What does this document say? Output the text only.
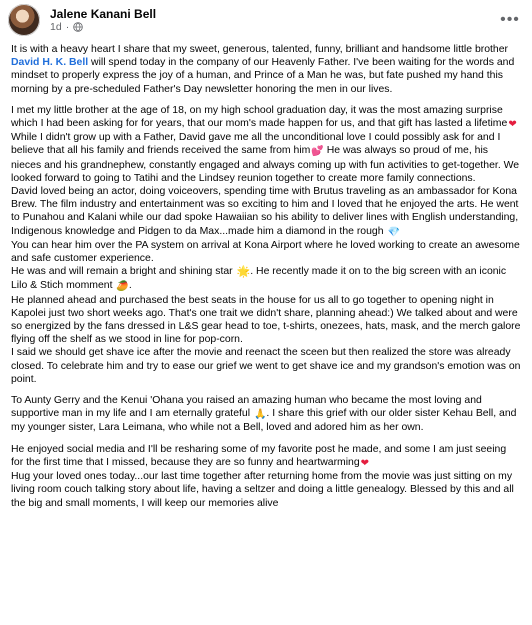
Jalene Kanani Bell
1d ·	•••

It is with a heavy heart I share that my sweet, generous, talented, funny, brilliant and handsome little brother David H. K. Bell will spend today in the company of our Heavenly Father. I've been waiting for the words and mindset to properly express the joy of a human, and Prince of a Man he was, but fate pushed my hand this morning by a pre-scheduled Father's Day newsletter honoring the men in our lives.

I met my little brother at the age of 18, on my high school graduation day, it was the most amazing surprise which I had been asking for for years, that our mom's made happen for us, and that gift has lasted a lifetime❤
While I didn't grow up with a Father, David gave me all the unconditional love I could possibly ask for and I believe that all his family and friends received the same from him💕 He was always so proud of me, his nieces and his grandnephew, constantly engaged and always coming up with fun activities to get-together. We looked forward to going to Tatihi and the Lindsey reunion together to create more family connections.
David loved being an actor, doing voiceovers, spending time with Brutus traveling as an ambassador for Kona Brew. The film industry and entertainment was so exciting to him and I loved that he enjoyed the arts. He went to Punahou and Kalani while our dad spoke Hawaiian so his ability to deliver lines with English understanding, Indigenous knowledge and Pidgen to da Max...made him a diamond in the rough 💎
You can hear him over the PA system on arrival at Kona Airport where he loved working to create an awesome and safe customer experience.
He was and will remain a bright and shining star 🌟. He recently made it on to the big screen with an iconic Lilo & Stich momment 🥭.
He planned ahead and purchased the best seats in the house for us all to go together to opening night in Kapolei just two short weeks ago. That's one trait we didn't share, planning ahead:) We talked about and were so energized by the fans dressed in L&S gear head to toe, t-shirts, onezees, hats, mask, and the merch galore flying off the shelf as we stood in line for pop-corn.
I said we should get shave ice after the movie and reenact the sceen but then realized the store was already closed. To celebrate him and try to ease our grief we went to get shave ice and my grandson's emotion was on point.

To Aunty Gerry and the Kenui 'Ohana you raised an amazing human who became the most loving and supportive man in my life and I am eternally grateful 🙏. I share this grief with our older sister Kehau Bell, and my younger sister, Lara Leimana, who while not a Bell, loved and adored him as her own.

He enjoyed social media and I'll be resharing some of my favorite post he made, and some I am just seeing for the first time that I missed, because they are so funny and heartwarming❤
Hug your loved ones today...our last time together after returning home from the movie was just sitting on my living room couch talking story about life, having a seltzer and doing a little genealogy. Blessed by this and all the big and small moments, I will keep our memories alive
